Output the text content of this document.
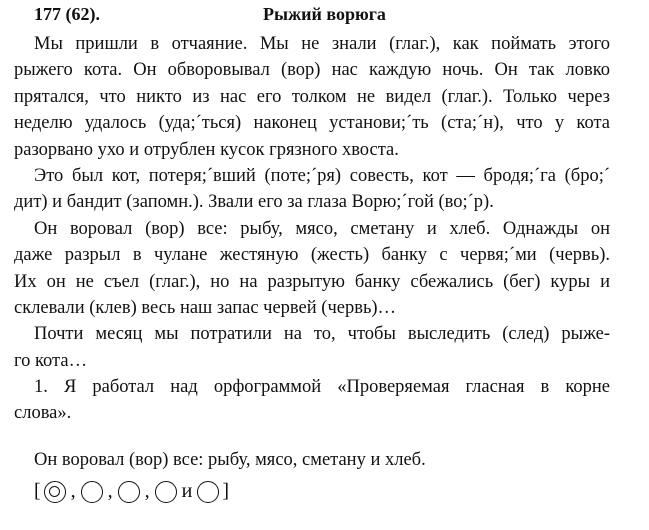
177 (62).	Рыжий ворюга
Мы пришли в отчаяние. Мы не знали (глаг.), как поймать этого
рыжего кота. Он обворовывал (вор) нас каждую ночь. Он так ловко
прятался, что никто из нас его толком не видел (глаг.). Только через
неделю удалось (уда;´ться) наконец установи;´ть (ста;´н), что у кота
разорвано ухо и отрублен кусок грязного хвоста.
Это был кот, потеря;´вший (поте;´ря) совесть, кот — бродя;´га (бро;´
дит) и бандит (запомн.). Звали его за глаза Ворю;´гой (во;´р).
Он воровал (вор) все: рыбу, мясо, сметану и хлеб. Однажды он
даже разрыл в чулане жестяную (жесть) банку с червя;´ми (червь).
Их он не съел (глаг.), но на разрытую банку сбежались (бег) куры и
склевали (клев) весь наш запас червей (червь)…
Почти месяц мы потратили на то, чтобы выследить (след) рыже-
го кота…
1. Я работал над орфограммой «Проверяемая гласная в корне
слова».
Он воровал (вор) все: рыбу, мясо, сметану и хлеб.
[ , , , и ]
